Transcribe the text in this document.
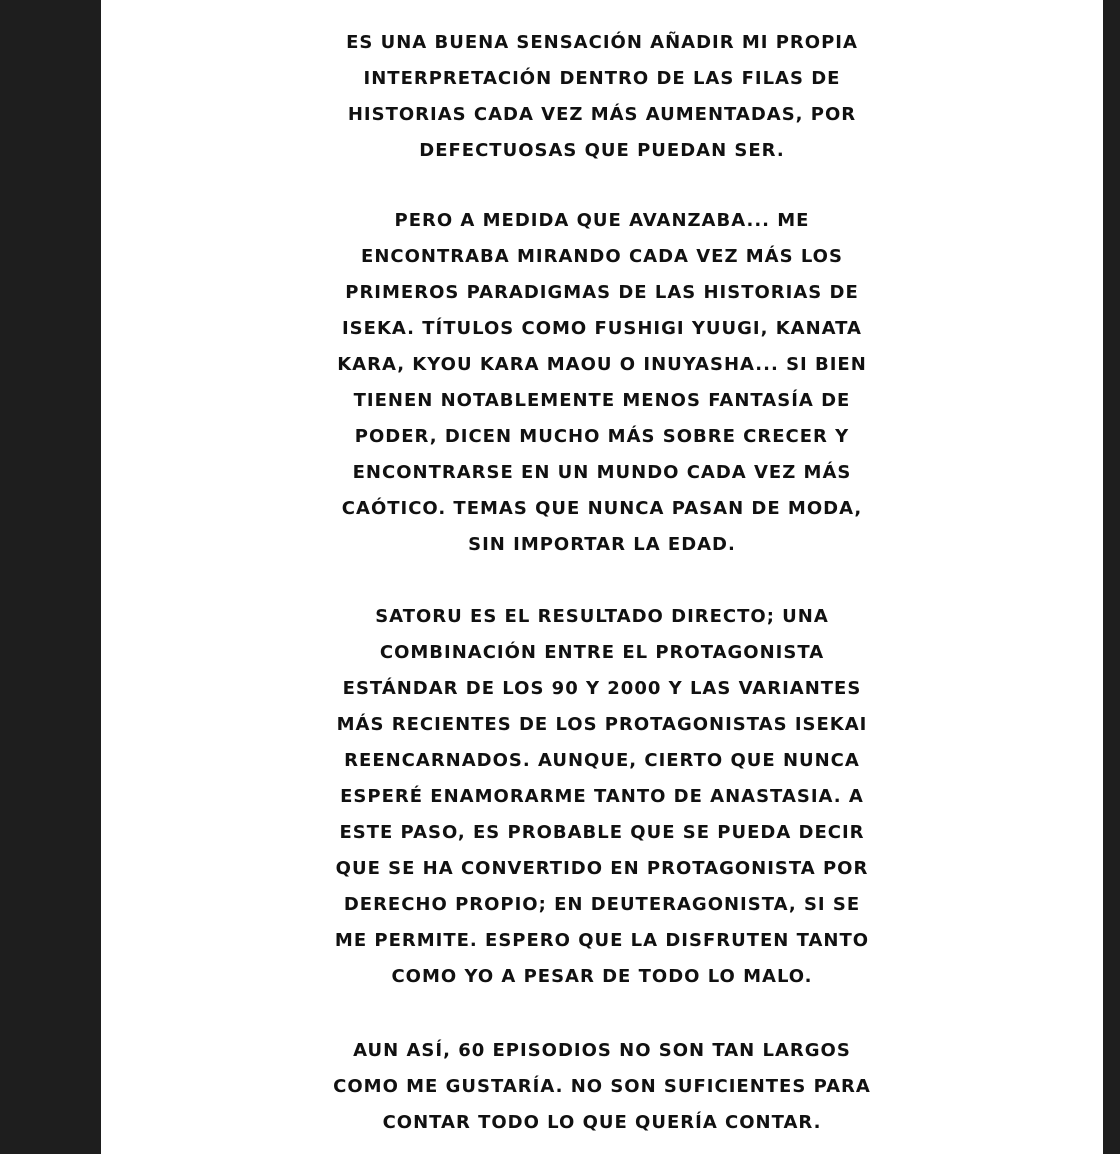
ES UNA BUENA SENSACIÓN AÑADIR MI PROPIA
INTERPRETACIÓN DENTRO DE LAS FILAS DE
HISTORIAS CADA VEZ MÁS AUMENTADAS, POR
DEFECTUOSAS QUE PUEDAN SER.
PERO A MEDIDA QUE AVANZABA... ME
ENCONTRABA MIRANDO CADA VEZ MÁS LOS
PRIMEROS PARADIGMAS DE LAS HISTORIAS DE
ISEKA. TÍTULOS COMO FUSHIGI YUUGI, KANATA
KARA, KYOU KARA MAOU O INUYASHA... SI BIEN
TIENEN NOTABLEMENTE MENOS FANTASÍA DE
PODER, DICEN MUCHO MÁS SOBRE CRECER Y
ENCONTRARSE EN UN MUNDO CADA VEZ MÁS
CAÓTICO. TEMAS QUE NUNCA PASAN DE MODA,
SIN IMPORTAR LA EDAD.
SATORU ES EL RESULTADO DIRECTO; UNA
COMBINACIÓN ENTRE EL PROTAGONISTA
ESTÁNDAR DE LOS 90 Y 2000 Y LAS VARIANTES
MÁS RECIENTES DE LOS PROTAGONISTAS ISEKAI
REENCARNADOS. AUNQUE, CIERTO QUE NUNCA
ESPERÉ ENAMORARME TANTO DE ANASTASIA. A
ESTE PASO, ES PROBABLE QUE SE PUEDA DECIR
QUE SE HA CONVERTIDO EN PROTAGONISTA POR
DERECHO PROPIO; EN DEUTERAGONISTA, SI SE
ME PERMITE. ESPERO QUE LA DISFRUTEN TANTO
COMO YO A PESAR DE TODO LO MALO.
AUN ASÍ, 60 EPISODIOS NO SON TAN LARGOS
COMO ME GUSTARÍA. NO SON SUFICIENTES PARA
CONTAR TODO LO QUE QUERÍA CONTAR.
